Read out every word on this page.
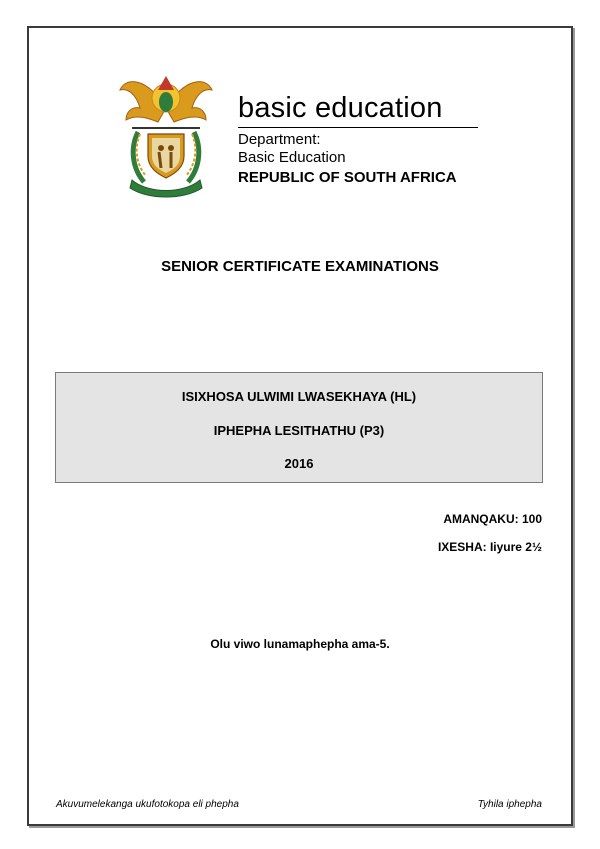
basic education
Department:
Basic Education
REPUBLIC OF SOUTH AFRICA
SENIOR CERTIFICATE EXAMINATIONS
ISIXHOSA ULWIMI LWASEKHAYA (HL)
IPHEPHA LESITHATHU (P3)
2016
AMANQAKU: 100
IXESHA: Iiyure 2½
Olu viwo lunamaphepha ama-5.
Akuvumelekanga ukufotokopa eli phepha	Tyhila iphepha
